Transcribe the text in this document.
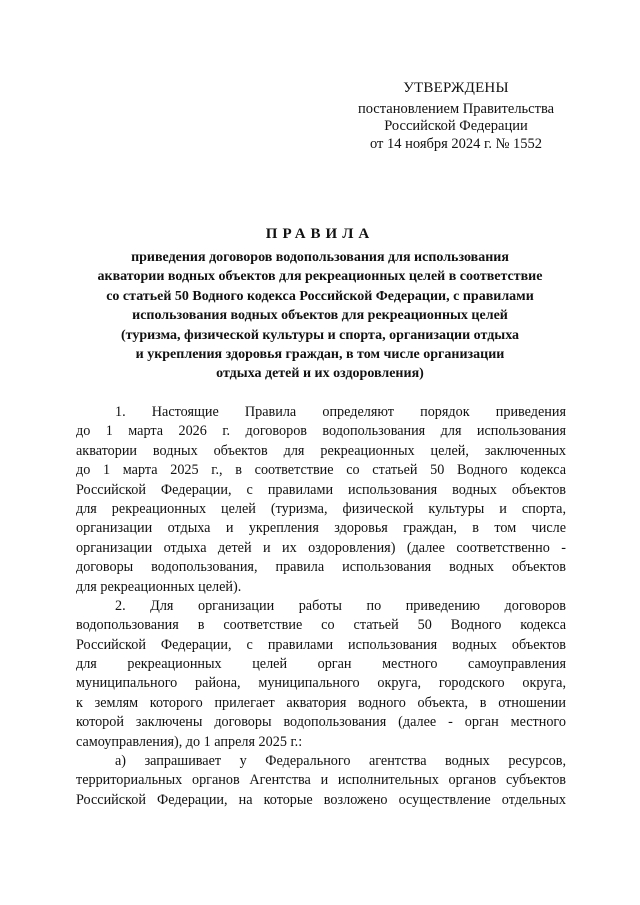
УТВЕРЖДЕНЫ
постановлением Правительства
Российской Федерации
от 14 ноября 2024 г. № 1552
ПРАВИЛА
приведения договоров водопользования для использования
акватории водных объектов для рекреационных целей в соответствие
со статьей 50 Водного кодекса Российской Федерации, с правилами
использования водных объектов для рекреационных целей
(туризма, физической культуры и спорта, организации отдыха
и укрепления здоровья граждан, в том числе организации
отдыха детей и их оздоровления)
1. Настоящие Правила определяют порядок приведения
до 1 марта 2026 г. договоров водопользования для использования
акватории водных объектов для рекреационных целей, заключенных
до 1 марта 2025 г., в соответствие со статьей 50 Водного кодекса
Российской Федерации, с правилами использования водных объектов
для рекреационных целей (туризма, физической культуры и спорта,
организации отдыха и укрепления здоровья граждан, в том числе
организации отдыха детей и их оздоровления) (далее соответственно -
договоры водопользования, правила использования водных объектов
для рекреационных целей).
2. Для организации работы по приведению договоров
водопользования в соответствие со статьей 50 Водного кодекса
Российской Федерации, с правилами использования водных объектов
для рекреационных целей орган местного самоуправления
муниципального района, муниципального округа, городского округа,
к землям которого прилегает акватория водного объекта, в отношении
которой заключены договоры водопользования (далее - орган местного
самоуправления), до 1 апреля 2025 г.:
а) запрашивает у Федерального агентства водных ресурсов,
территориальных органов Агентства и исполнительных органов субъектов
Российской Федерации, на которые возложено осуществление отдельных
